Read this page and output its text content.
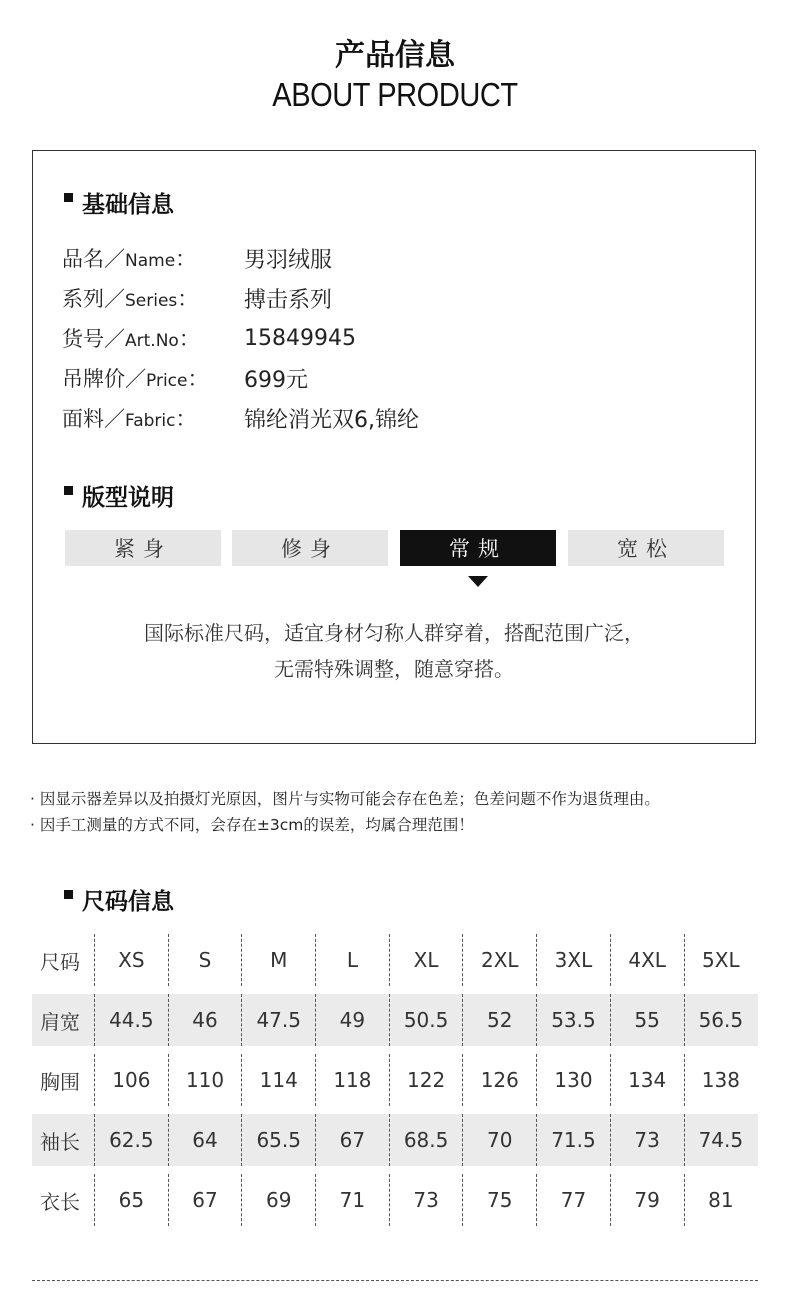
产品信息
ABOUT PRODUCT
基础信息
品名／Name：	男羽绒服
系列／Series：	搏击系列
货号／Art.No：	15849945
吊牌价／Price：	699元
面料／Fabric：	锦纶消光双6,锦纶
版型说明
紧身	修身	常规	宽松
国际标准尺码，适宜身材匀称人群穿着，搭配范围广泛，
无需特殊调整，随意穿搭。
· 因显示器差异以及拍摄灯光原因，图片与实物可能会存在色差；色差问题不作为退货理由。
· 因手工测量的方式不同，会存在±3cm的误差，均属合理范围！
尺码信息
尺码	XS	S	M	L	XL	2XL	3XL	4XL	5XL
肩宽	44.5	46	47.5	49	50.5	52	53.5	55	56.5
胸围	106	110	114	118	122	126	130	134	138
袖长	62.5	64	65.5	67	68.5	70	71.5	73	74.5
衣长	65	67	69	71	73	75	77	79	81
